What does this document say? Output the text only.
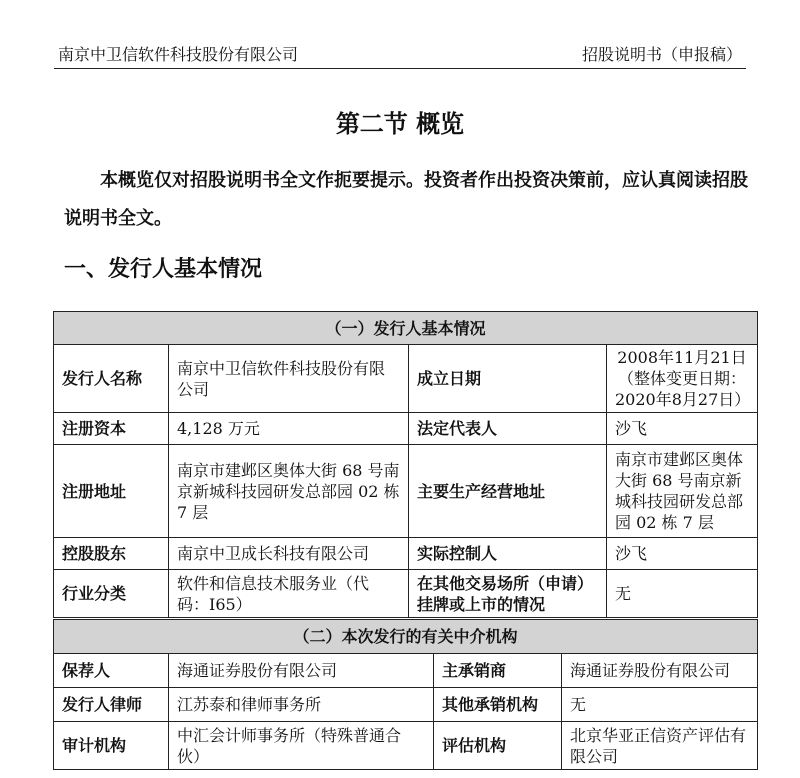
南京中卫信软件科技股份有限公司	招股说明书（申报稿）
第二节 概览

本概览仅对招股说明书全文作扼要提示。投资者作出投资决策前，应认真阅读招股说明书全文。

一、发行人基本情况
（一）发行人基本情况			
发行人名称	南京中卫信软件科技股份有限公司	成立日期	2008年11月21日（整体变更日期：2020年8月27日）
注册资本	4,128 万元	法定代表人	沙飞
注册地址	南京市建邺区奥体大街 68 号南京新城科技园研发总部园 02 栋 7 层	主要生产经营地址	南京市建邺区奥体大街 68 号南京新城科技园研发总部园 02 栋 7 层
控股股东	南京中卫成长科技有限公司	实际控制人	沙飞
行业分类	软件和信息技术服务业（代码：I65）	在其他交易场所（申请）挂牌或上市的情况	无
（二）本次发行的有关中介机构			
保荐人	海通证券股份有限公司	主承销商	海通证券股份有限公司
发行人律师	江苏泰和律师事务所	其他承销机构	无
审计机构	中汇会计师事务所（特殊普通合伙）	评估机构	北京华亚正信资产评估有限公司
